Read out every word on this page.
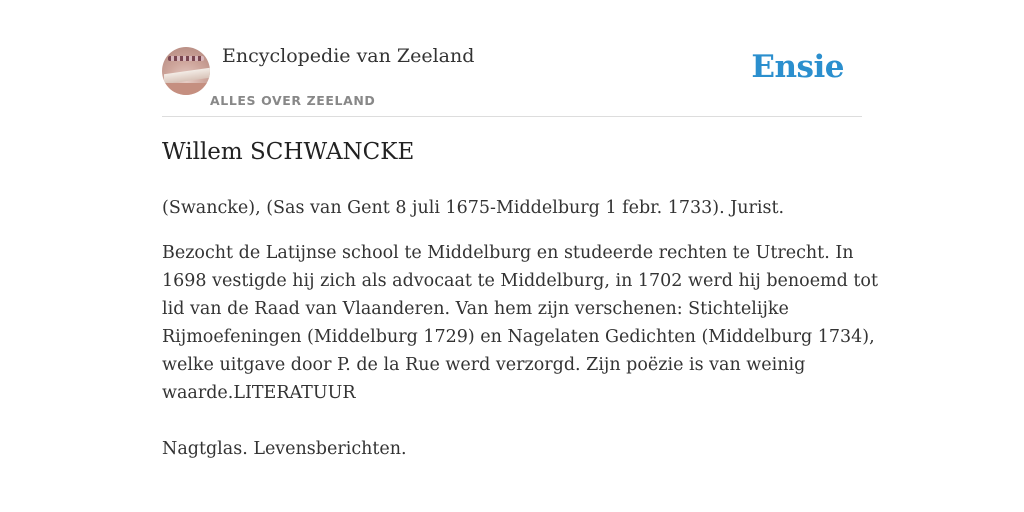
Encyclopedie van Zeeland
ALLES OVER ZEELAND
Ensie
Willem SCHWANCKE

(Swancke), (Sas van Gent 8 juli 1675-Middelburg 1 febr. 1733). Jurist.

Bezocht de Latijnse school te Middelburg en studeerde rechten te Utrecht. In
1698 vestigde hij zich als advocaat te Middelburg, in 1702 werd hij benoemd tot
lid van de Raad van Vlaanderen. Van hem zijn verschenen: Stichtelijke
Rijmoefeningen (Middelburg 1729) en Nagelaten Gedichten (Middelburg 1734),
welke uitgave door P. de la Rue werd verzorgd. Zijn poëzie is van weinig
waarde.LITERATUUR

Nagtglas. Levensberichten.
